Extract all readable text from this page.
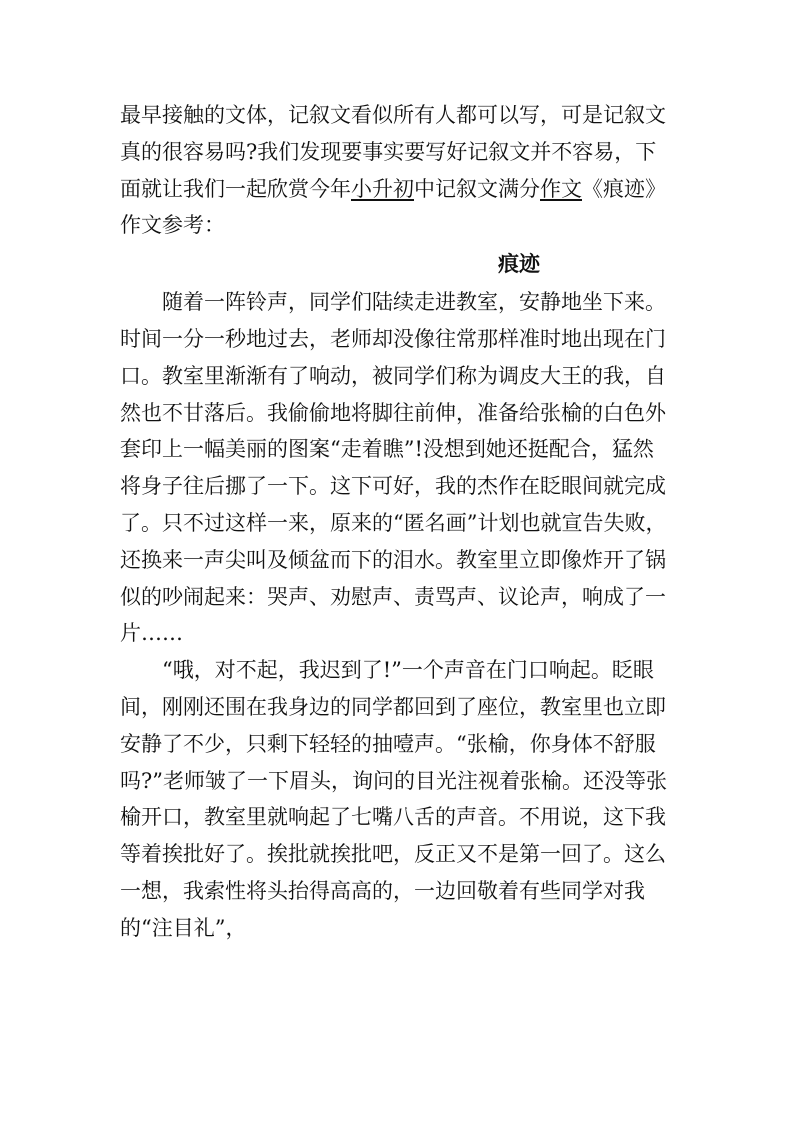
最早接触的文体，记叙文看似所有人都可以写，可是记叙文真的很容易吗?我们发现要事实要写好记叙文并不容易，下面就让我们一起欣赏今年小升初中记叙文满分作文《痕迹》作文参考：

痕迹

随着一阵铃声，同学们陆续走进教室，安静地坐下来。时间一分一秒地过去，老师却没像往常那样准时地出现在门口。教室里渐渐有了响动，被同学们称为调皮大王的我，自然也不甘落后。我偷偷地将脚往前伸，准备给张榆的白色外套印上一幅美丽的图案“走着瞧”!没想到她还挺配合，猛然将身子往后挪了一下。这下可好，我的杰作在眨眼间就完成了。只不过这样一来，原来的“匿名画”计划也就宣告失败，还换来一声尖叫及倾盆而下的泪水。教室里立即像炸开了锅似的吵闹起来：哭声、劝慰声、责骂声、议论声，响成了一片……

“哦，对不起，我迟到了!”一个声音在门口响起。眨眼间，刚刚还围在我身边的同学都回到了座位，教室里也立即安静了不少，只剩下轻轻的抽噎声。“张榆，你身体不舒服吗?”老师皱了一下眉头，询问的目光注视着张榆。还没等张榆开口，教室里就响起了七嘴八舌的声音。不用说，这下我等着挨批好了。挨批就挨批吧，反正又不是第一回了。这么一想，我索性将头抬得高高的，一边回敬着有些同学对我的“注目礼”，
